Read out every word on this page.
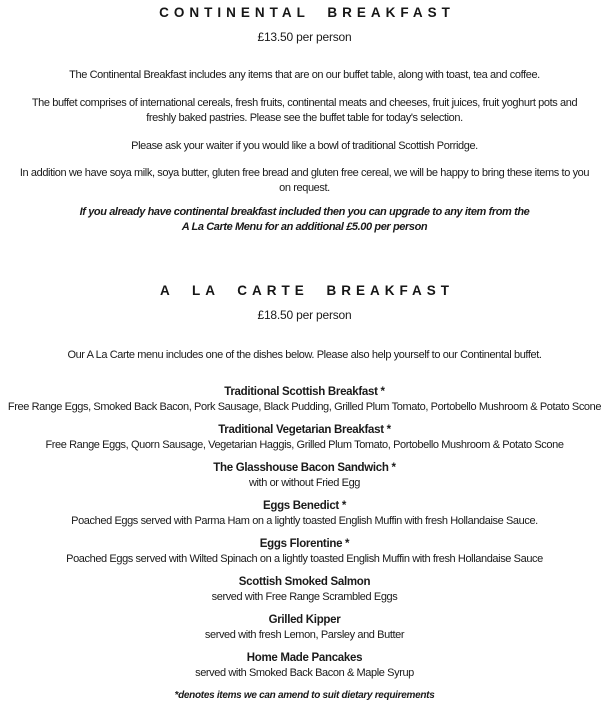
CONTINENTAL BREAKFAST
£13.50 per person
The Continental Breakfast includes any items that are on our buffet table, along with toast, tea and coffee.
The buffet comprises of international cereals, fresh fruits, continental meats and cheeses, fruit juices, fruit yoghurt pots and
freshly baked pastries. Please see the buffet table for today's selection.
Please ask your waiter if you would like a bowl of traditional Scottish Porridge.
In addition we have soya milk, soya butter, gluten free bread and gluten free cereal, we will be happy to bring these items to you
on request.
If you already have continental breakfast included then you can upgrade to any item from the
A La Carte Menu for an additional £5.00 per person
A LA CARTE BREAKFAST
£18.50 per person
Our A La Carte menu includes one of the dishes below. Please also help yourself to our Continental buffet.
Traditional Scottish Breakfast *
Free Range Eggs, Smoked Back Bacon, Pork Sausage, Black Pudding, Grilled Plum Tomato, Portobello Mushroom & Potato Scone
Traditional Vegetarian Breakfast *
Free Range Eggs, Quorn Sausage, Vegetarian Haggis, Grilled Plum Tomato, Portobello Mushroom & Potato Scone
The Glasshouse Bacon Sandwich *
with or without Fried Egg
Eggs Benedict *
Poached Eggs served with Parma Ham on a lightly toasted English Muffin with fresh Hollandaise Sauce.
Eggs Florentine *
Poached Eggs served with Wilted Spinach on a lightly toasted English Muffin with fresh Hollandaise Sauce
Scottish Smoked Salmon
served with Free Range Scrambled Eggs
Grilled Kipper
served with fresh Lemon, Parsley and Butter
Home Made Pancakes
served with Smoked Back Bacon & Maple Syrup
*denotes items we can amend to suit dietary requirements
